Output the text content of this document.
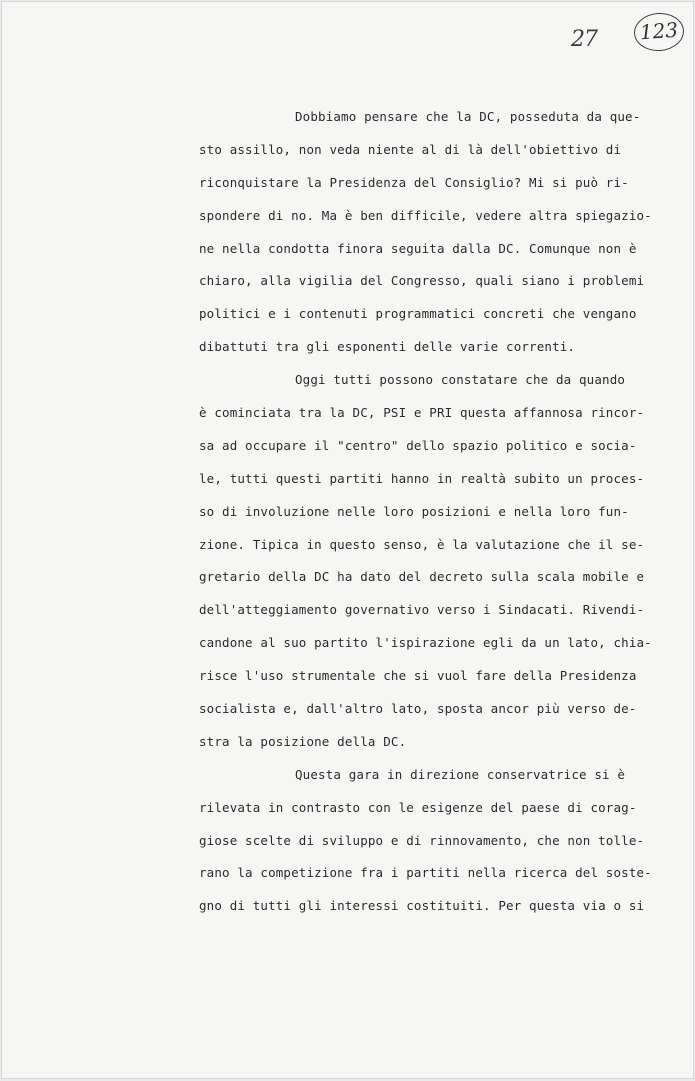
27	123
Dobbiamo pensare che la DC, posseduta da que-
sto assillo, non veda niente al di là dell'obiettivo di
riconquistare la Presidenza del Consiglio? Mi si può ri-
spondere di no. Ma è ben difficile, vedere altra spiegazio-
ne nella condotta finora seguita dalla DC. Comunque non è
chiaro, alla vigilia del Congresso, quali siano i problemi
politici e i contenuti programmatici concreti che vengano
dibattuti tra gli esponenti delle varie correnti.
Oggi tutti possono constatare che da quando
è cominciata tra la DC, PSI e PRI questa affannosa rincor-
sa ad occupare il "centro" dello spazio politico e socia-
le, tutti questi partiti hanno in realtà subito un proces-
so di involuzione nelle loro posizioni e nella loro fun-
zione. Tipica in questo senso, è la valutazione che il se-
gretario della DC ha dato del decreto sulla scala mobile e
dell'atteggiamento governativo verso i Sindacati. Rivendi-
candone al suo partito l'ispirazione egli da un lato, chia-
risce l'uso strumentale che si vuol fare della Presidenza
socialista e, dall'altro lato, sposta ancor più verso de-
stra la posizione della DC.
Questa gara in direzione conservatrice si è
rilevata in contrasto con le esigenze del paese di corag-
giose scelte di sviluppo e di rinnovamento, che non tolle-
rano la competizione fra i partiti nella ricerca del soste-
gno di tutti gli interessi costituiti. Per questa via o si
